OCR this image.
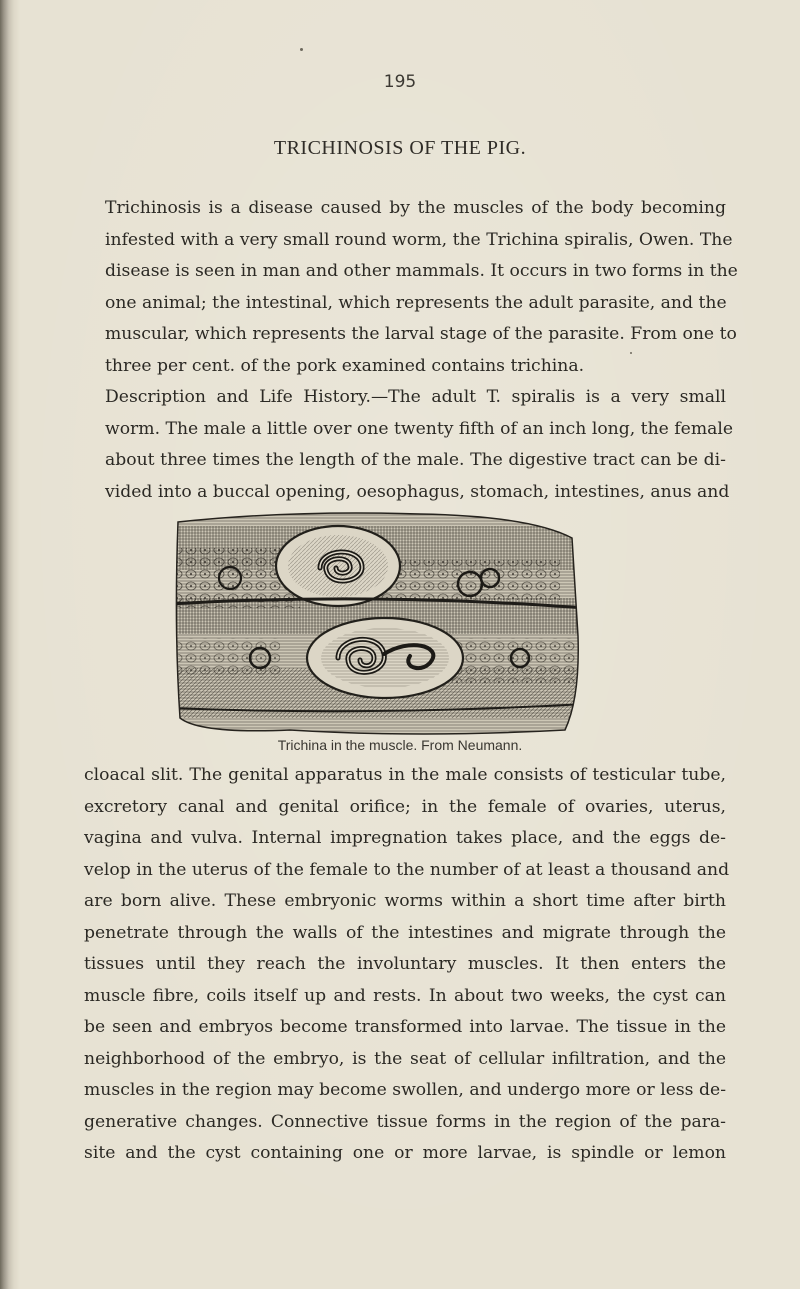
195
TRICHINOSIS OF THE PIG.
Trichinosis is a disease caused by the muscles of the body becoming
infested with a very small round worm, the Trichina spiralis, Owen. The
disease is seen in man and other mammals. It occurs in two forms in the
one animal; the intestinal, which represents the adult parasite, and the
muscular, which represents the larval stage of the parasite. From one to
three per cent. of the pork examined contains trichina.
Description and Life History.—The adult T. spiralis is a very small
worm. The male a little over one twenty fifth of an inch long, the female
about three times the length of the male. The digestive tract can be di-
vided into a buccal opening, oesophagus, stomach, intestines, anus and
Trichina in the muscle. From Neumann.
cloacal slit. The genital apparatus in the male consists of testicular tube,
excretory canal and genital orifice; in the female of ovaries, uterus,
vagina and vulva. Internal impregnation takes place, and the eggs de-
velop in the uterus of the female to the number of at least a thousand and
are born alive. These embryonic worms within a short time after birth
penetrate through the walls of the intestines and migrate through the
tissues until they reach the involuntary muscles. It then enters the
muscle fibre, coils itself up and rests. In about two weeks, the cyst can
be seen and embryos become transformed into larvae. The tissue in the
neighborhood of the embryo, is the seat of cellular infiltration, and the
muscles in the region may become swollen, and undergo more or less de-
generative changes. Connective tissue forms in the region of the para-
site and the cyst containing one or more larvae, is spindle or lemon
